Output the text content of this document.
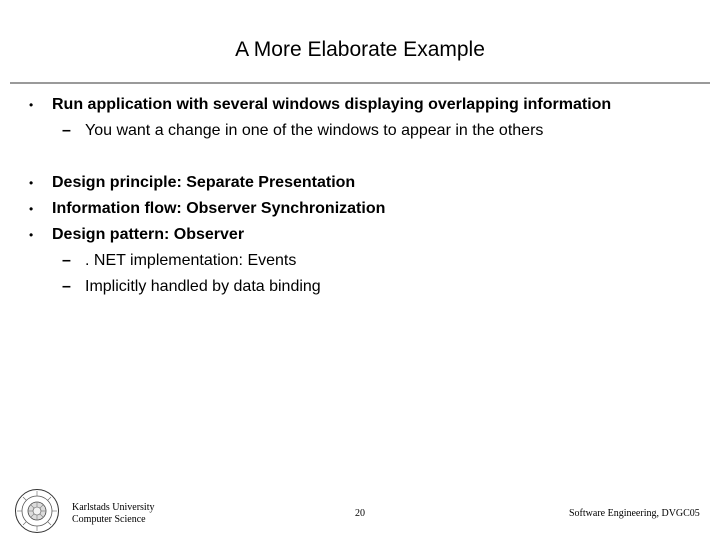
A More Elaborate Example
• Run application with several windows displaying overlapping information
– You want a change in one of the windows to appear in the others
• Design principle: Separate Presentation
• Information flow: Observer Synchronization
• Design pattern: Observer
– . NET implementation: Events
– Implicitly handled by data binding
Karlstads University
Computer Science
20	Software Engineering, DVGC05
